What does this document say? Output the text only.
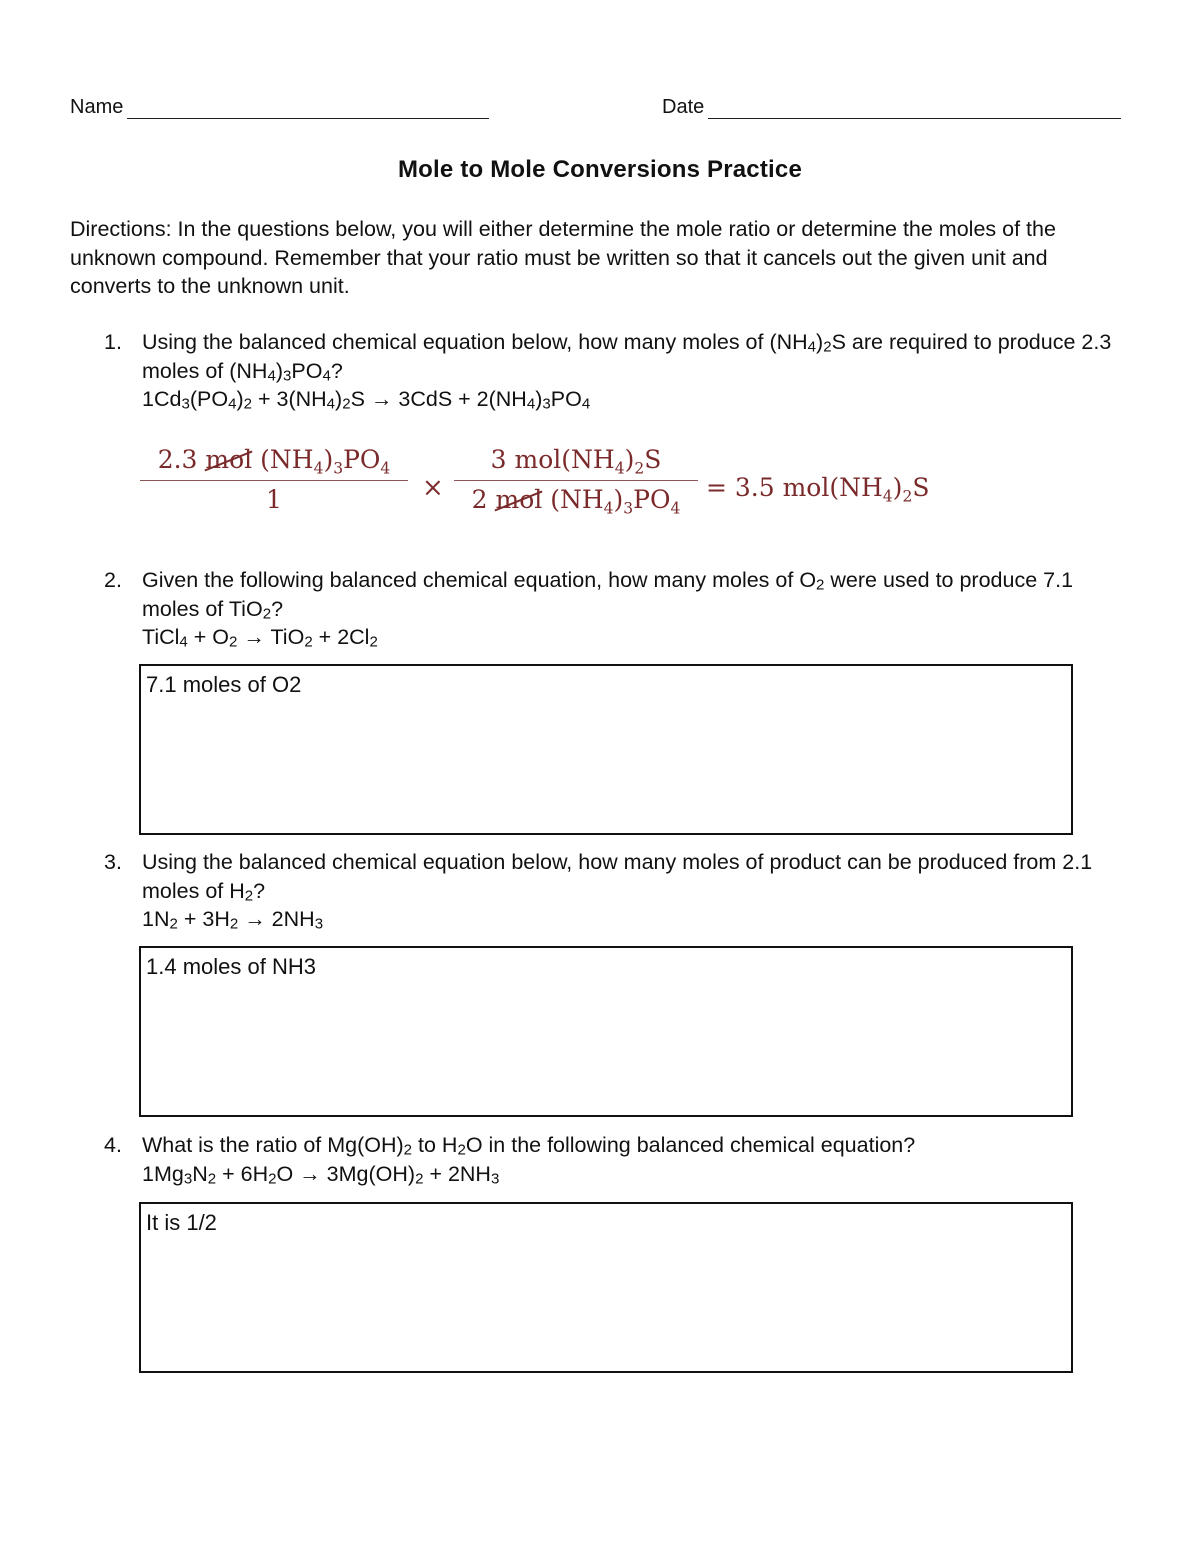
Name	Date
Mole to Mole Conversions Practice
Directions: In the questions below, you will either determine the mole ratio or determine the moles of the unknown compound. Remember that your ratio must be written so that it cancels out the given unit and converts to the unknown unit.
1. Using the balanced chemical equation below, how many moles of $(NH_4)_2S$ are required to produce 2.3 moles of $(NH_4)_3PO_4$?
$1Cd_3(PO_4)_2 + 3(NH_4)_2S \to 3CdS + 2(NH_4)_3PO_4$
2.3 mol $(NH_4)_3PO_4$
1	×
3 $mol(NH_4)_2S$
2 mol $(NH_4)_3PO_4$
= 3.5 $mol(NH_4)_2S$
2. Given the following balanced chemical equation, how many moles of $O_2$ were used to produce 7.1 moles of TiO$_2$?
TiCl$_4$ + $O_2 \to TiO_2 + 2Cl_2$
7.1 moles of O2
3. Using the balanced chemical equation below, how many moles of product can be produced from 2.1 moles of $H_2$?
$1N_2 + 3H_2 \to 2NH_3$
1.4 moles of NH3
4. What is the ratio of $Mg(OH)_2$ to $H_2O$ in the following balanced chemical equation?
$1Mg_3N_2 + 6H_2O \to 3Mg(OH)_2 + 2NH_3$
It is 1/2
